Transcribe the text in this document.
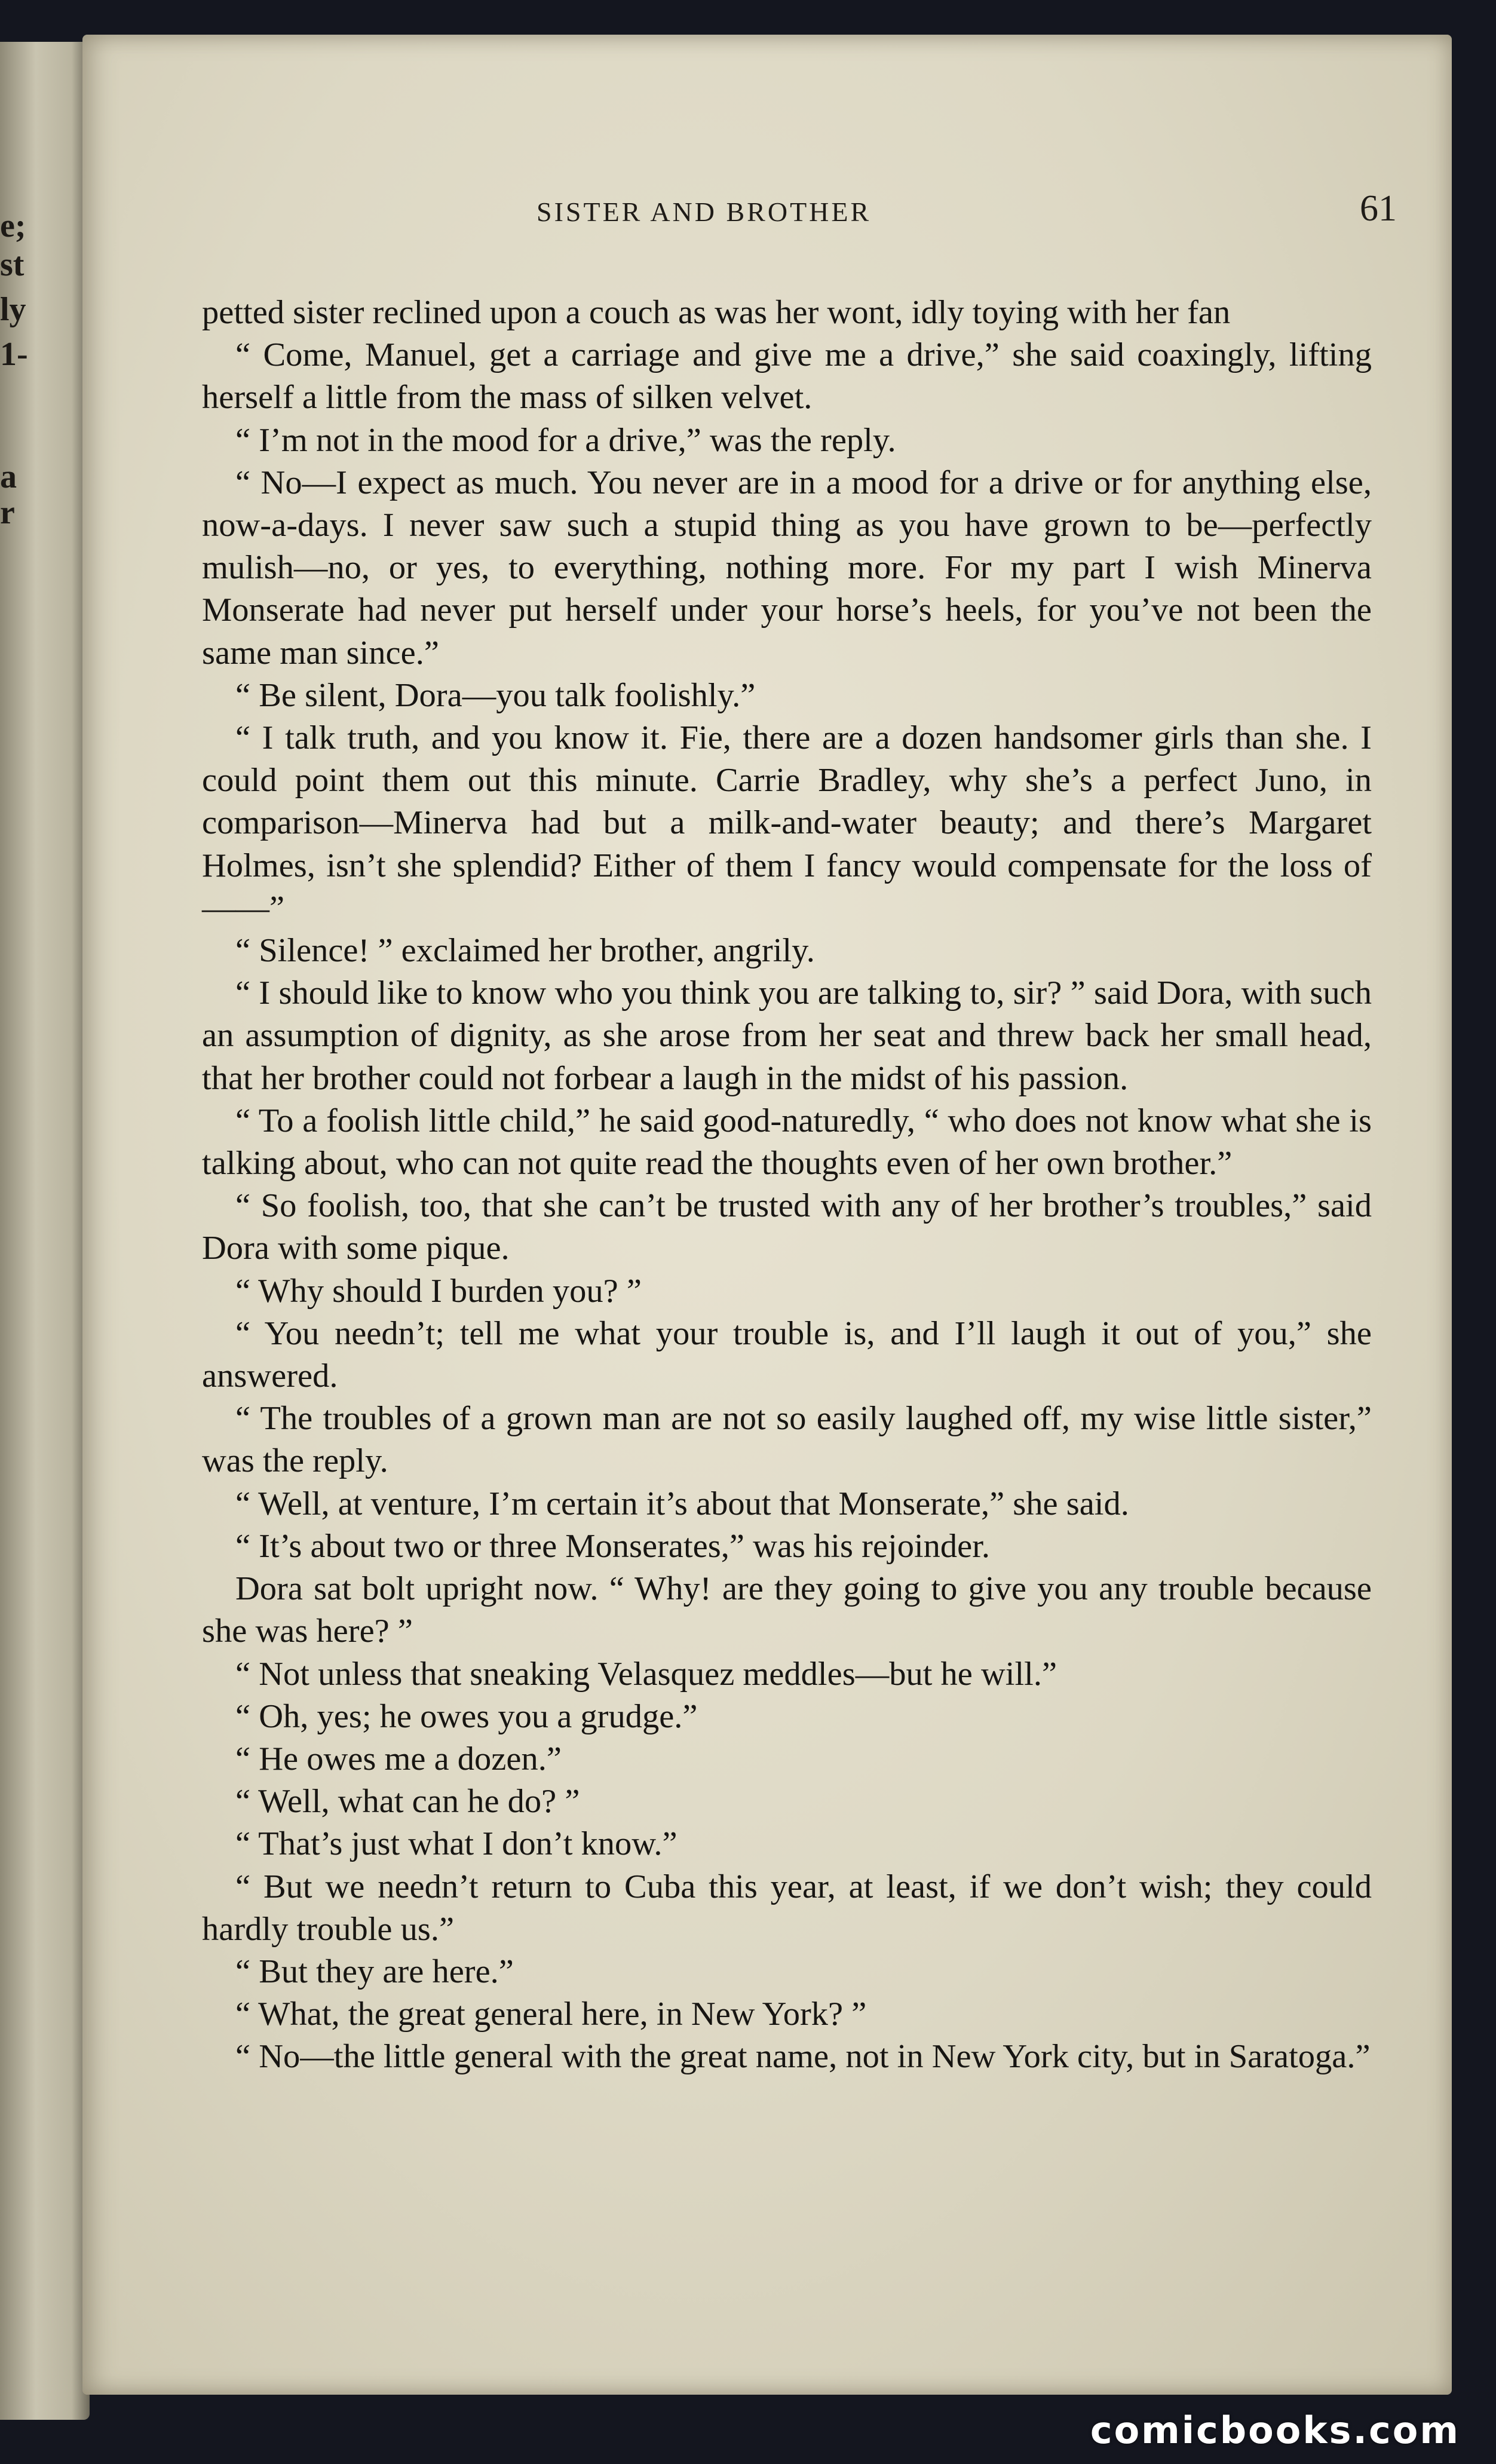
e;
st
ly
1-
a
r
SISTER AND BROTHER	61

petted sister reclined upon a couch as was her wont, idly toying with her fan

“ Come, Manuel, get a carriage and give me a drive,” she said coaxingly, lifting herself a little from the mass of silken velvet.

“ I’m not in the mood for a drive,” was the reply.

“ No—I expect as much. You never are in a mood for a drive or for anything else, now-a-days. I never saw such a stupid thing as you have grown to be—perfectly mulish—no, or yes, to everything, nothing more. For my part I wish Minerva Monserate had never put herself under your horse’s heels, for you’ve not been the same man since.”

“ Be silent, Dora—you talk foolishly.”

“ I talk truth, and you know it. Fie, there are a dozen handsomer girls than she. I could point them out this minute. Carrie Bradley, why she’s a perfect Juno, in comparison—Minerva had but a milk-and-water beauty; and there’s Margaret Holmes, isn’t she splendid? Either of them I fancy would compensate for the loss of——”

“ Silence! ” exclaimed her brother, angrily.

“ I should like to know who you think you are talking to, sir? ” said Dora, with such an assumption of dignity, as she arose from her seat and threw back her small head, that her brother could not forbear a laugh in the midst of his passion.

“ To a foolish little child,” he said good-naturedly, “ who does not know what she is talking about, who can not quite read the thoughts even of her own brother.”

“ So foolish, too, that she can’t be trusted with any of her brother’s troubles,” said Dora with some pique.

“ Why should I burden you? ”

“ You needn’t; tell me what your trouble is, and I’ll laugh it out of you,” she answered.

“ The troubles of a grown man are not so easily laughed off, my wise little sister,” was the reply.

“ Well, at venture, I’m certain it’s about that Monserate,” she said.

“ It’s about two or three Monserates,” was his rejoinder.

Dora sat bolt upright now. “ Why! are they going to give you any trouble because she was here? ”

“ Not unless that sneaking Velasquez meddles—but he will.”

“ Oh, yes; he owes you a grudge.”

“ He owes me a dozen.”

“ Well, what can he do? ”

“ That’s just what I don’t know.”

“ But we needn’t return to Cuba this year, at least, if we don’t wish; they could hardly trouble us.”

“ But they are here.”

“ What, the great general here, in New York? ”

“ No—the little general with the great name, not in New York city, but in Saratoga.”

comicbooks.com
